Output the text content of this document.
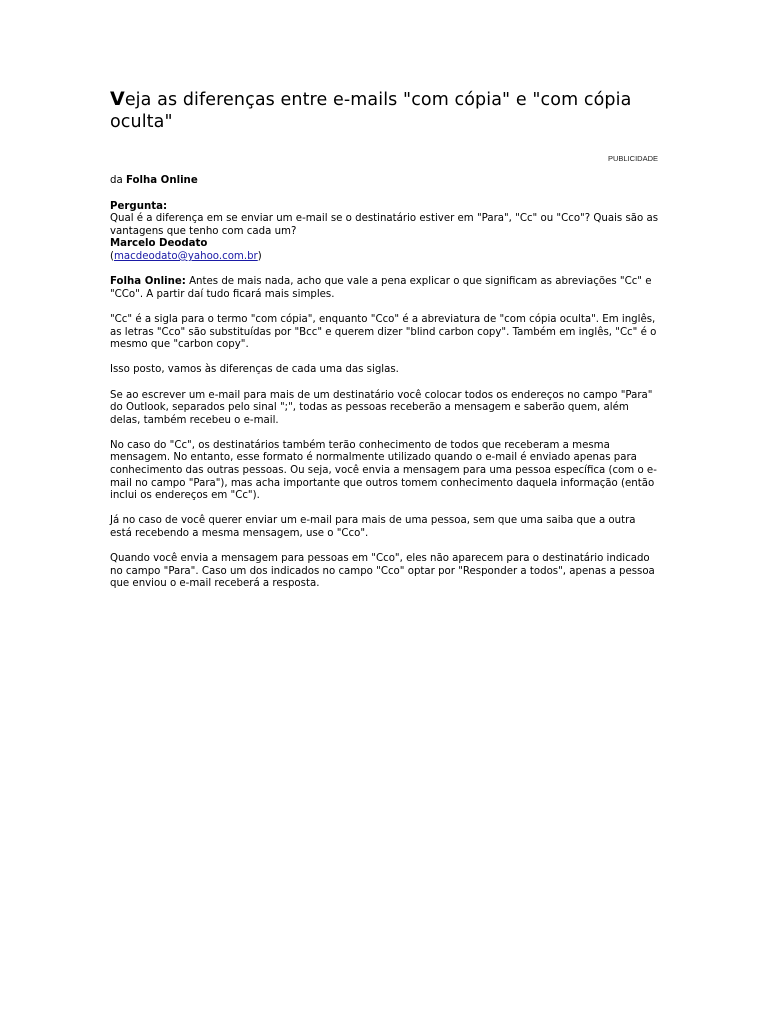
Veja as diferenças entre e-mails "com cópia" e "com cópia oculta"
PUBLICIDADE
da Folha Online
Pergunta:
Qual é a diferença em se enviar um e-mail se o destinatário estiver em "Para", "Cc" ou "Cco"? Quais são as vantagens que tenho com cada um?
Marcelo Deodato
(macdeodato@yahoo.com.br)
Folha Online: Antes de mais nada, acho que vale a pena explicar o que significam as abreviações "Cc" e "CCo". A partir daí tudo ficará mais simples.
"Cc" é a sigla para o termo "com cópia", enquanto "Cco" é a abreviatura de "com cópia oculta". Em inglês, as letras "Cco" são substituídas por "Bcc" e querem dizer "blind carbon copy". Também em inglês, "Cc" é o mesmo que "carbon copy".
Isso posto, vamos às diferenças de cada uma das siglas.
Se ao escrever um e-mail para mais de um destinatário você colocar todos os endereços no campo "Para" do Outlook, separados pelo sinal ";", todas as pessoas receberão a mensagem e saberão quem, além delas, também recebeu o e-mail.
No caso do "Cc", os destinatários também terão conhecimento de todos que receberam a mesma mensagem. No entanto, esse formato é normalmente utilizado quando o e-mail é enviado apenas para conhecimento das outras pessoas. Ou seja, você envia a mensagem para uma pessoa específica (com o e-mail no campo "Para"), mas acha importante que outros tomem conhecimento daquela informação (então inclui os endereços em "Cc").
Já no caso de você querer enviar um e-mail para mais de uma pessoa, sem que uma saiba que a outra está recebendo a mesma mensagem, use o "Cco".
Quando você envia a mensagem para pessoas em "Cco", eles não aparecem para o destinatário indicado no campo "Para". Caso um dos indicados no campo "Cco" optar por "Responder a todos", apenas a pessoa que enviou o e-mail receberá a resposta.
